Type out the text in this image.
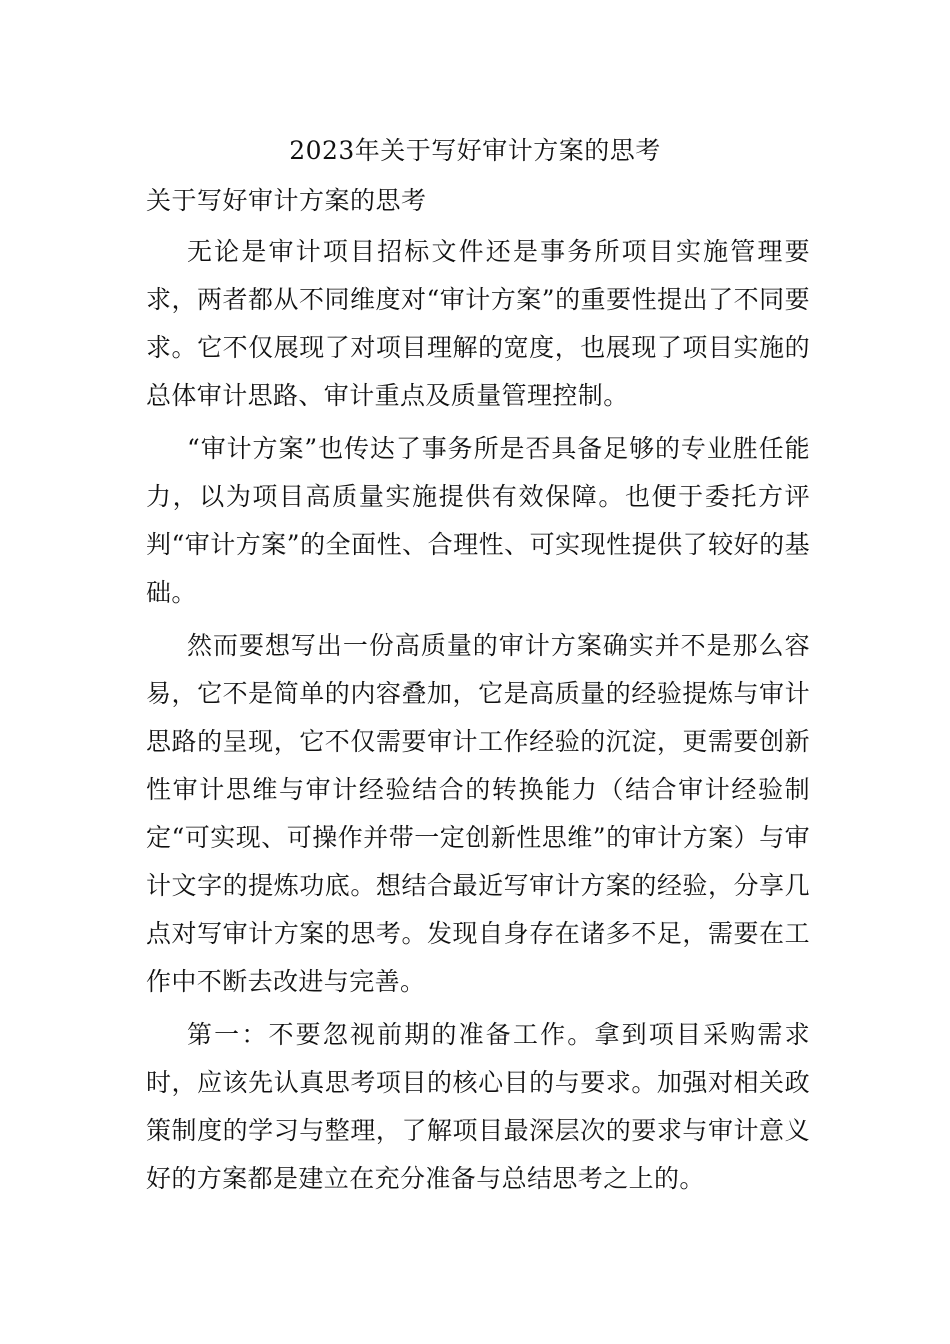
2023年关于写好审计方案的思考
关于写好审计方案的思考

无论是审计项目招标文件还是事务所项目实施管理要求，两者都从不同维度对“审计方案”的重要性提出了不同要求。它不仅展现了对项目理解的宽度，也展现了项目实施的总体审计思路、审计重点及质量管理控制。

“审计方案”也传达了事务所是否具备足够的专业胜任能力，以为项目高质量实施提供有效保障。也便于委托方评判“审计方案”的全面性、合理性、可实现性提供了较好的基础。

然而要想写出一份高质量的审计方案确实并不是那么容易，它不是简单的内容叠加，它是高质量的经验提炼与审计思路的呈现，它不仅需要审计工作经验的沉淀，更需要创新性审计思维与审计经验结合的转换能力（结合审计经验制定“可实现、可操作并带一定创新性思维”的审计方案）与审计文字的提炼功底。想结合最近写审计方案的经验，分享几点对写审计方案的思考。发现自身存在诸多不足，需要在工作中不断去改进与完善。

第一：不要忽视前期的准备工作。拿到项目采购需求时，应该先认真思考项目的核心目的与要求。加强对相关政策制度的学习与整理，了解项目最深层次的要求与审计意义好的方案都是建立在充分准备与总结思考之上的。
